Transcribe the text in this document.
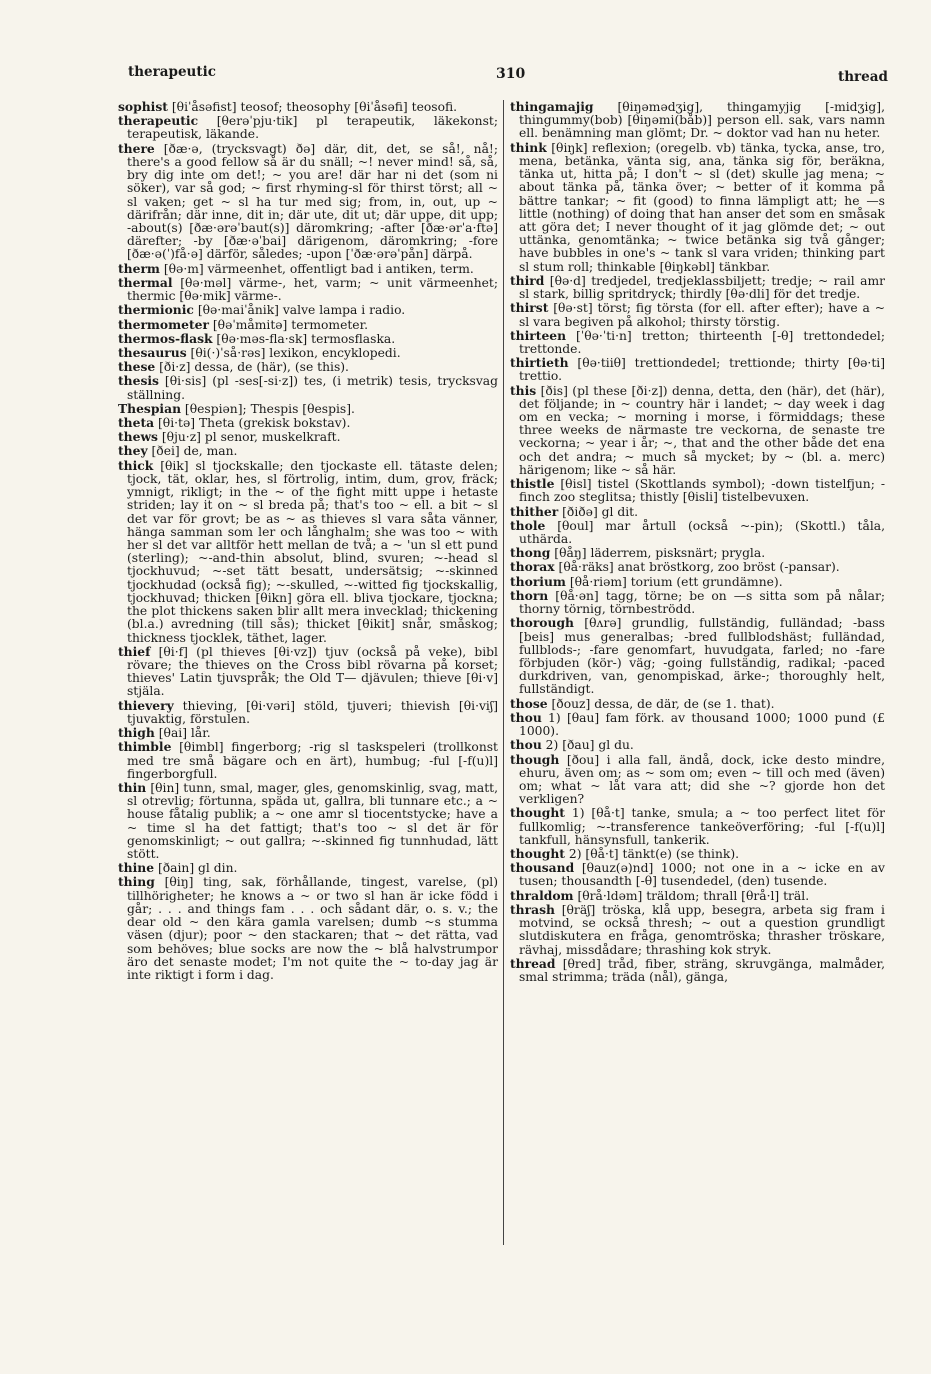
therapeutic	310	thread

sophist [θiˈåsəfist] teosof; theosophy [θiˈåsəfi] teosofi.

therapeutic [θerəˈpju·tik] pl terapeutik, läkekonst; terapeutisk, läkande.

there [ðæ·ə, (trycksvagt) ðə] där, dit, det, se så!, nå!; there's a good fellow så är du snäll; ~! never mind! så, så, bry dig inte om det!; ~ you are! där har ni det (som ni söker), var så god; ~ first rhyming-sl för thirst törst; all ~ sl vaken; get ~ sl ha tur med sig; from, in, out, up ~ därifrån; där inne, dit in; där ute, dit ut; där uppe, dit upp; -about(s) [ðæ·ərəˈbaut(s)] däromkring; -after [ðæ·ərˈa·ftə] därefter; -by [ðæ·əˈbai] därigenom, däromkring; -fore [ðæ·ə(ˈ)få·ə] därför, således; -upon [ˈðæ·ərəˈpån] därpå.

therm [θə·m] värmeenhet, offentligt bad i antiken, term.

thermal [θə·məl] värme-, het, varm; ~ unit värmeenhet; thermic [θə·mik] värme-.

thermionic [θə·maiˈånik] valve lampa i radio.

thermometer [θəˈmåmitə] termometer.

thermos-flask [θə·məs-fla·sk] termosflaska.

thesaurus [θi(·)ˈså·rəs] lexikon, encyklopedi.

these [ði·z] dessa, de (här), (se this).

thesis [θi·sis] (pl -ses[-si·z]) tes, (i metrik) tesis, trycksvag ställning.

Thespian [θespiən]; Thespis [θespis].

theta [θi·tə] Theta (grekisk bokstav).

thews [θju·z] pl senor, muskelkraft.

they [ðei] de, man.

thick [θik] sl tjockskalle; den tjockaste ell. tätaste delen; tjock, tät, oklar, hes, sl förtrolig, intim, dum, grov, fräck; ymnigt, rikligt; in the ~ of the fight mitt uppe i hetaste striden; lay it on ~ sl breda på; that's too ~ ell. a bit ~ sl det var för grovt; be as ~ as thieves sl vara såta vänner, hänga samman som ler och långhalm; she was too ~ with her sl det var alltför hett mellan de två; a ~ 'un sl ett pund (sterling); ~-and-thin absolut, blind, svuren; ~-head sl tjockhuvud; ~-set tätt besatt, undersätsig; ~-skinned tjockhudad (också fig); ~-skulled, ~-witted fig tjockskallig, tjockhuvad; thicken [θikn] göra ell. bliva tjockare, tjockna; the plot thickens saken blir allt mera invecklad; thickening (bl.a.) avredning (till sås); thicket [θikit] snår, småskog; thickness tjocklek, täthet, lager.

thief [θi·f] (pl thieves [θi·vz]) tjuv (också på veke), bibl rövare; the thieves on the Cross bibl rövarna på korset; thieves' Latin tjuvspråk; the Old T— djävulen; thieve [θi·v] stjäla.

thievery thieving, [θi·vəri] stöld, tjuveri; thievish [θi·viʃ] tjuvaktig, förstulen.

thigh [θai] lår.

thimble [θimbl] fingerborg; -rig sl taskspeleri (trollkonst med tre små bägare och en ärt), humbug; -ful [-f(u)l] fingerborgfull.

thin [θin] tunn, smal, mager, gles, genomskinlig, svag, matt, sl otrevlig; förtunna, späda ut, gallra, bli tunnare etc.; a ~ house fåtalig publik; a ~ one amr sl tiocentstycke; have a ~ time sl ha det fattigt; that's too ~ sl det är för genomskinligt; ~ out gallra; ~-skinned fig tunnhudad, lätt stött.

thine [ðain] gl din.

thing [θiŋ] ting, sak, förhållande, tingest, varelse, (pl) tillhörigheter; he knows a ~ or two sl han är icke född i går; . . . and things fam . . . och sådant där, o. s. v.; the dear old ~ den kära gamla varelsen; dumb ~s stumma väsen (djur); poor ~ den stackaren; that ~ det rätta, vad som behöves; blue socks are now the ~ blå halvstrumpor äro det senaste modet; I'm not quite the ~ to-day jag är inte riktigt i form i dag.

thingamajig [θiŋəmədʒig], thingamyjig [-midʒig], thingummy(bob) [θiŋəmi(båb)] person ell. sak, vars namn ell. benämning man glömt; Dr. ~ doktor vad han nu heter.

think [θiŋk] reflexion; (oregelb. vb) tänka, tycka, anse, tro, mena, betänka, vänta sig, ana, tänka sig för, beräkna, tänka ut, hitta på; I don't ~ sl (det) skulle jag mena; ~ about tänka på, tänka över; ~ better of it komma på bättre tankar; ~ fit (good) to finna lämpligt att; he —s little (nothing) of doing that han anser det som en småsak att göra det; I never thought of it jag glömde det; ~ out uttänka, genomtänka; ~ twice betänka sig två gånger; have bubbles in one's ~ tank sl vara vriden; thinking part sl stum roll; thinkable [θiŋkəbl] tänkbar.

third [θə·d] tredjedel, tredjeklassbiljett; tredje; ~ rail amr sl stark, billig spritdryck; thirdly [θə·dli] för det tredje.

thirst [θə·st] törst; fig törsta (for ell. after efter); have a ~ sl vara begiven på alkohol; thirsty törstig.

thirteen [ˈθə·ˈti·n] tretton; thirteenth [-θ] trettondedel; trettonde.

thirtieth [θə·tiiθ] trettiondedel; trettionde; thirty [θə·ti] trettio.

this [ðis] (pl these [ði·z]) denna, detta, den (här), det (här), det följande; in ~ country här i landet; ~ day week i dag om en vecka; ~ morning i morse, i förmiddags; these three weeks de närmaste tre veckorna, de senaste tre veckorna; ~ year i år; ~, that and the other både det ena och det andra; ~ much så mycket; by ~ (bl. a. merc) härigenom; like ~ så här.

thistle [θisl] tistel (Skottlands symbol); -down tistelfjun; -finch zoo steglitsa; thistly [θisli] tistelbevuxen.

thither [ðiðə] gl dit.

thole [θoul] mar årtull (också ~-pin); (Skottl.) tåla, uthärda.

thong [θåŋ] läderrem, pisksnärt; prygla.

thorax [θå·räks] anat bröstkorg, zoo bröst (-pansar).

thorium [θå·riəm] torium (ett grundämne).

thorn [θå·ən] tagg, törne; be on —s sitta som på nålar; thorny törnig, törnbeströdd.

thorough [θʌrə] grundlig, fullständig, fulländad; -bass [beis] mus generalbas; -bred fullblodshäst; fulländad, fullblods-; -fare genomfart, huvudgata, farled; no -fare förbjuden (kör-) väg; -going fullständig, radikal; -paced durkdriven, van, genompiskad, ärke-; thoroughly helt, fullständigt.

those [ðouz] dessa, de där, de (se 1. that).

thou 1) [θau] fam förk. av thousand 1000; 1000 pund (£ 1000).

thou 2) [ðau] gl du.

though [ðou] i alla fall, ändå, dock, icke desto mindre, ehuru, även om; as ~ som om; even ~ till och med (även) om; what ~ låt vara att; did she ~? gjorde hon det verkligen?

thought 1) [θå·t] tanke, smula; a ~ too perfect litet för fullkomlig; ~-transference tankeöverföring; -ful [-f(u)l] tankfull, hänsynsfull, tankerik.

thought 2) [θå·t] tänkt(e) (se think).

thousand [θauz(ə)nd] 1000; not one in a ~ icke en av tusen; thousandth [-θ] tusendedel, (den) tusende.

thraldom [θrå·ldəm] träldom; thrall [θrå·l] träl.

thrash [θräʃ] tröska, klå upp, besegra, arbeta sig fram i motvind, se också thresh; ~ out a question grundligt slutdiskutera en fråga, genomtröska; thrasher tröskare, rävhaj, missdådare; thrashing kok stryk.

thread [θred] tråd, fiber, sträng, skruvgänga, malmåder, smal strimma; träda (nål), gänga,
